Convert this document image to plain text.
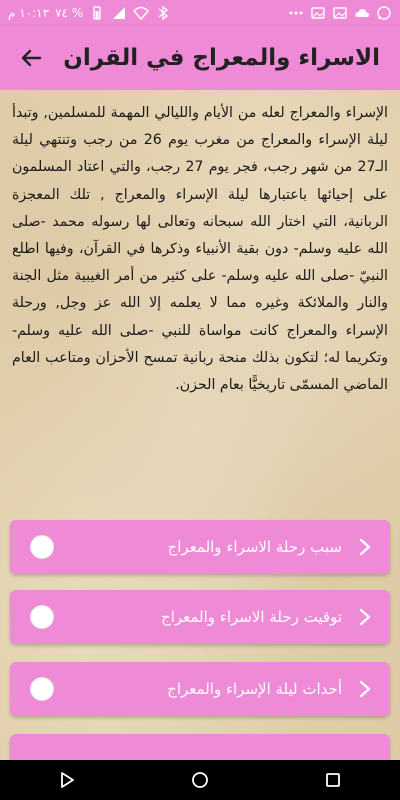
١٠:١٣ م ٧٤ %
الاسراء والمعراج في القران
الإسراء والمعراج لعله من الأيام والليالي المهمة للمسلمين, وتبدأ ليلة الإسراء والمعراج من مغرب يوم 26 من رجب وتنتهي ليلة الـ27 من شهر رجب، فجر يوم 27 رجب، والتي اعتاد المسلمون على إحيائها باعتبارها ليلة الإسراء والمعراج , تلك المعجزة الربانية، التي اختار الله سبحانه وتعالى لها رسوله محمد -صلى الله عليه وسلم- دون بقية الأنبياء وذكرها في القرآن، وفيها اطلع النبيّ -صلى الله عليه وسلم- على كثير من أمر الغيبية مثل الجنة والنار والملائكة وغيره مما لا يعلمه إلا الله عز وجل, ورحلة الإسراء والمعراج كانت مواساة للنبي -صلى الله عليه وسلم- وتكريما له؛ لتكون بذلك منحة ربانية تمسح الأحزان ومتاعب العام الماضي المسمّى تاريخيًّا بعام الحزن.
سبب رحلة الاسراء والمعراج
توقيت رحلة الاسراء والمعراج
أحداث ليلة الإسراء والمعراج
